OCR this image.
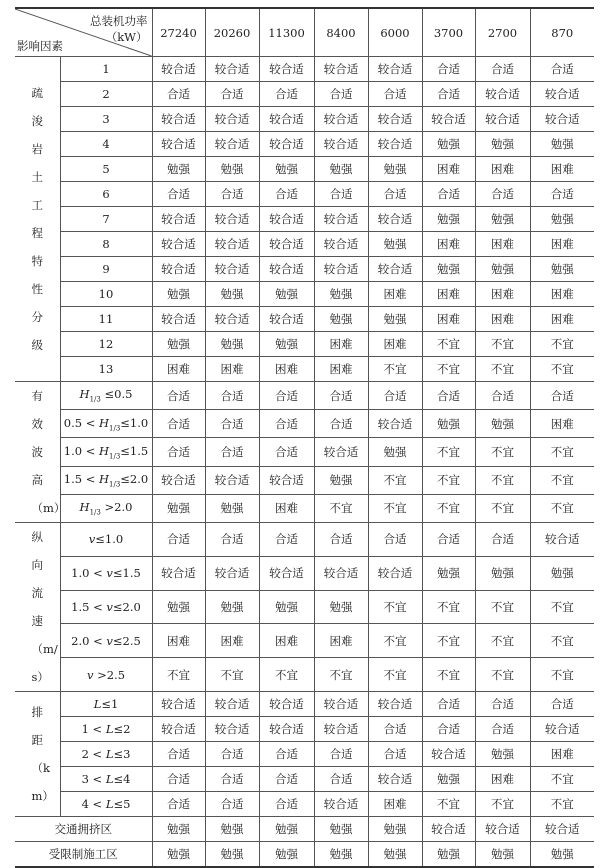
总装机功率
（kW）
影响因素		27240	20260	11300	8400	6000	3700	2700	870

疏浚岩土工程特性分级	1	较合适	较合适	较合适	较合适	较合适	合适	合适	合适
	2	合适	合适	合适	合适	合适	合适	较合适	较合适
	3	较合适	较合适	较合适	较合适	较合适	较合适	较合适	较合适
	4	较合适	较合适	较合适	较合适	较合适	勉强	勉强	勉强
	5	勉强	勉强	勉强	勉强	勉强	困难	困难	困难
	6	合适	合适	合适	合适	合适	合适	合适	合适
	7	较合适	较合适	较合适	较合适	较合适	勉强	勉强	勉强
	8	较合适	较合适	较合适	较合适	勉强	困难	困难	困难
	9	较合适	较合适	较合适	较合适	较合适	勉强	勉强	勉强
	10	勉强	勉强	勉强	勉强	困难	困难	困难	困难
	11	较合适	较合适	较合适	勉强	勉强	困难	困难	困难
	12	勉强	勉强	勉强	困难	困难	不宜	不宜	不宜
	13	困难	困难	困难	困难	不宜	不宜	不宜	不宜

有效波高（m）	$H_{1/3} \le 0.5$	合适	合适	合适	合适	合适	合适	合适	合适
	$0.5 < H_{1/3}\le 1.0$	合适	合适	合适	合适	较合适	勉强	勉强	困难
	$1.0 < H_{1/3}\le 1.5$	合适	合适	合适	较合适	勉强	不宜	不宜	不宜
	$1.5 < H_{1/3}\le 2.0$	较合适	较合适	较合适	勉强	不宜	不宜	不宜	不宜
	$H_{1/3} >2.0$	勉强	勉强	困难	不宜	不宜	不宜	不宜	不宜

纵向流速（m/s）	v≤1.0	合适	合适	合适	合适	合适	合适	合适	较合适
	1.0 < v≤1.5	较合适	较合适	较合适	较合适	较合适	勉强	勉强	勉强
	1.5 < v≤2.0	勉强	勉强	勉强	勉强	不宜	不宜	不宜	不宜
	2.0 < v≤2.5	困难	困难	困难	困难	不宜	不宜	不宜	不宜
	v >2.5	不宜	不宜	不宜	不宜	不宜	不宜	不宜	不宜

排距（km）	L≤1	较合适	较合适	较合适	较合适	较合适	合适	合适	合适
	1 < L≤2	较合适	较合适	较合适	较合适	合适	合适	合适	较合适
	2 < L≤3	合适	合适	合适	合适	合适	较合适	勉强	困难
	3 < L≤4	合适	合适	合适	合适	较合适	勉强	困难	不宜
	4 < L≤5	合适	合适	合适	较合适	困难	不宜	不宜	不宜
交通拥挤区		勉强	勉强	勉强	勉强	勉强	较合适	较合适	较合适
受限制施工区		勉强	勉强	勉强	勉强	勉强	勉强	勉强	勉强
